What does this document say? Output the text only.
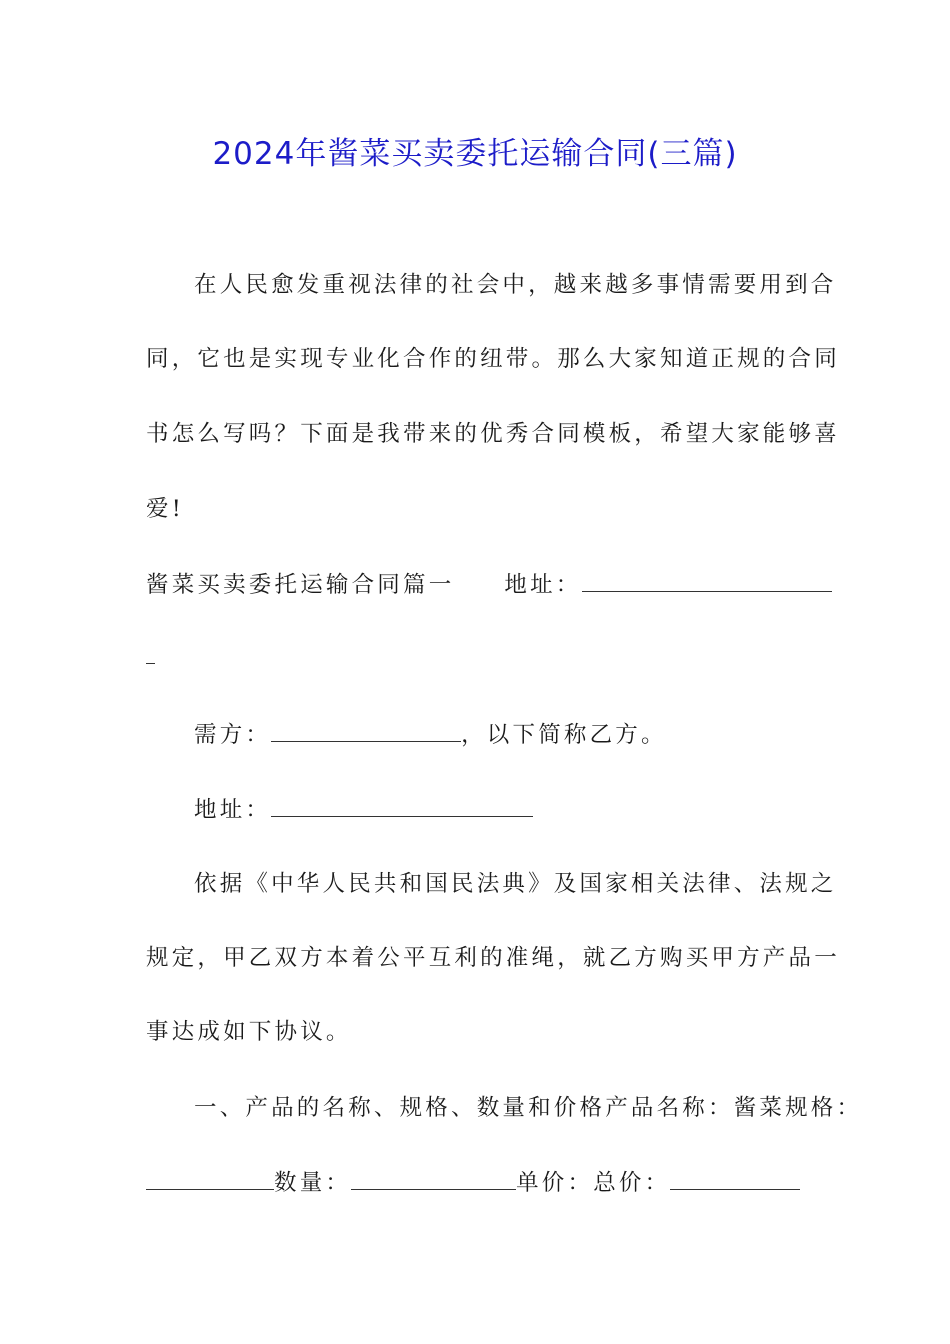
2024年酱菜买卖委托运输合同(三篇)
在人民愈发重视法律的社会中，越来越多事情需要用到合
同，它也是实现专业化合作的纽带。那么大家知道正规的合同
书怎么写吗？下面是我带来的优秀合同模板，希望大家能够喜
爱!
酱菜买卖委托运输合同篇一 地址：
需方：	，以下简称乙方。
地址：
依据《中华人民共和国民法典》及国家相关法律、法规之
规定，甲乙双方本着公平互利的准绳，就乙方购买甲方产品一
事达成如下协议。
一、产品的名称、规格、数量和价格产品名称：酱菜规格：
数量：	单价：总价：
